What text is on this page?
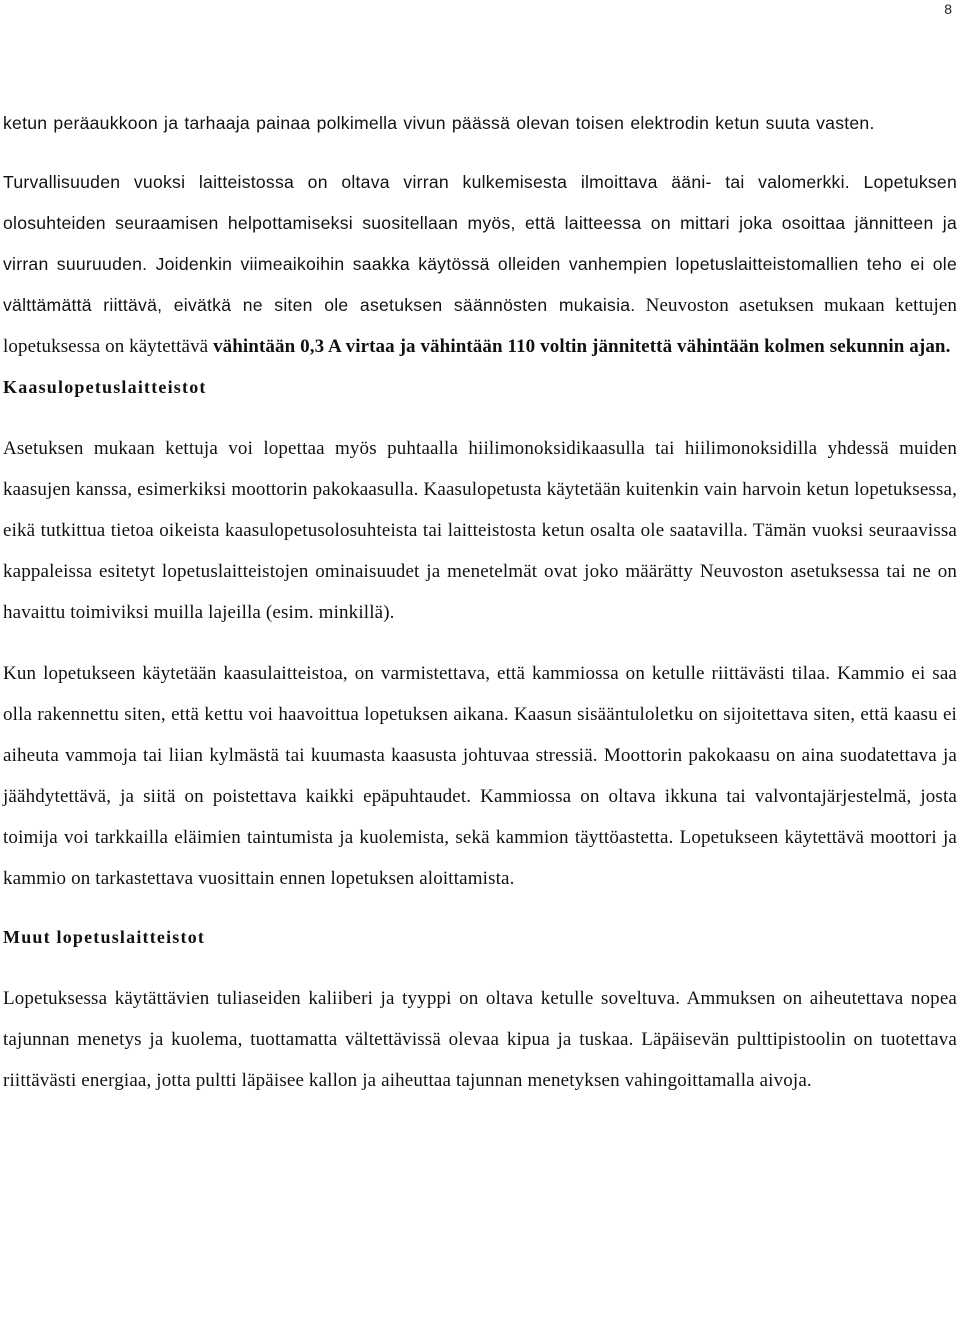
8

ketun peräaukkoon ja tarhaaja painaa polkimella vivun päässä olevan toisen elektrodin ketun suuta vasten.

Turvallisuuden vuoksi laitteistossa on oltava virran kulkemisesta ilmoittava ääni- tai valomerkki. Lopetuksen olosuhteiden seuraamisen helpottamiseksi suositellaan myös, että laitteessa on mittari joka osoittaa jännitteen ja virran suuruuden. Joidenkin viimeaikoihin saakka käytössä olleiden vanhempien lopetuslaitteistomallien teho ei ole välttämättä riittävä, eivätkä ne siten ole asetuksen säännösten mukaisia. Neuvoston asetuksen mukaan kettujen lopetuksessa on käytettävä vähintään 0,3 A virtaa ja vähintään 110 voltin jännitettä vähintään kolmen sekunnin ajan.

Kaasulopetuslaitteistot

Asetuksen mukaan kettuja voi lopettaa myös puhtaalla hiilimonoksidikaasulla tai hiilimonoksidilla yhdessä muiden kaasujen kanssa, esimerkiksi moottorin pakokaasulla. Kaasulopetusta käytetään kuitenkin vain harvoin ketun lopetuksessa, eikä tutkittua tietoa oikeista kaasulopetusolosuhteista tai laitteistosta ketun osalta ole saatavilla. Tämän vuoksi seuraavissa kappaleissa esitetyt lopetuslaitteistojen ominaisuudet ja menetelmät ovat joko määrätty Neuvoston asetuksessa tai ne on havaittu toimiviksi muilla lajeilla (esim. minkillä).

Kun lopetukseen käytetään kaasulaitteistoa, on varmistettava, että kammiossa on ketulle riittävästi tilaa. Kammio ei saa olla rakennettu siten, että kettu voi haavoittua lopetuksen aikana. Kaasun sisääntuloletku on sijoitettava siten, että kaasu ei aiheuta vammoja tai liian kylmästä tai kuumasta kaasusta johtuvaa stressiä. Moottorin pakokaasu on aina suodatettava ja jäähdytettävä, ja siitä on poistettava kaikki epäpuhtaudet. Kammiossa on oltava ikkuna tai valvontajärjestelmä, josta toimija voi tarkkailla eläimien taintumista ja kuolemista, sekä kammion täyttöastetta. Lopetukseen käytettävä moottori ja kammio on tarkastettava vuosittain ennen lopetuksen aloittamista.

Muut lopetuslaitteistot

Lopetuksessa käytättävien tuliaseiden kaliiberi ja tyyppi on oltava ketulle soveltuva. Ammuksen on aiheutettava nopea tajunnan menetys ja kuolema, tuottamatta vältettävissä olevaa kipua ja tuskaa. Läpäisevän pulttipistoolin on tuotettava riittävästi energiaa, jotta pultti läpäisee kallon ja aiheuttaa tajunnan menetyksen vahingoittamalla aivoja.
